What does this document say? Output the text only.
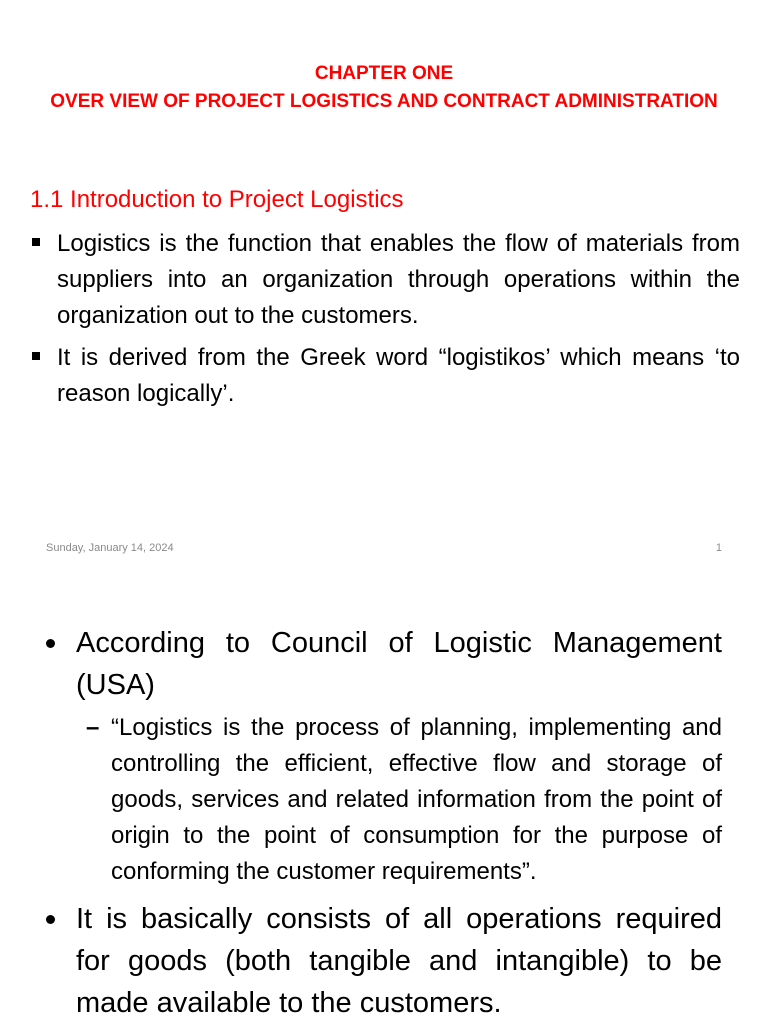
CHAPTER ONE
OVER VIEW OF PROJECT LOGISTICS AND CONTRACT ADMINISTRATION
1.1 Introduction to Project Logistics
Logistics is the function that enables the flow of materials from suppliers into an organization through operations within the organization out to the customers.
It is derived from the Greek word “logistikos’ which means ‘to reason logically’.
Sunday, January 14, 2024	1
According to Council of Logistic Management (USA)
– “Logistics is the process of planning, implementing and controlling the efficient, effective flow and storage of goods, services and related information from the point of origin to the point of consumption for the purpose of conforming the customer requirements”.
It is basically consists of all operations required for goods (both tangible and intangible) to be made available to the customers.
